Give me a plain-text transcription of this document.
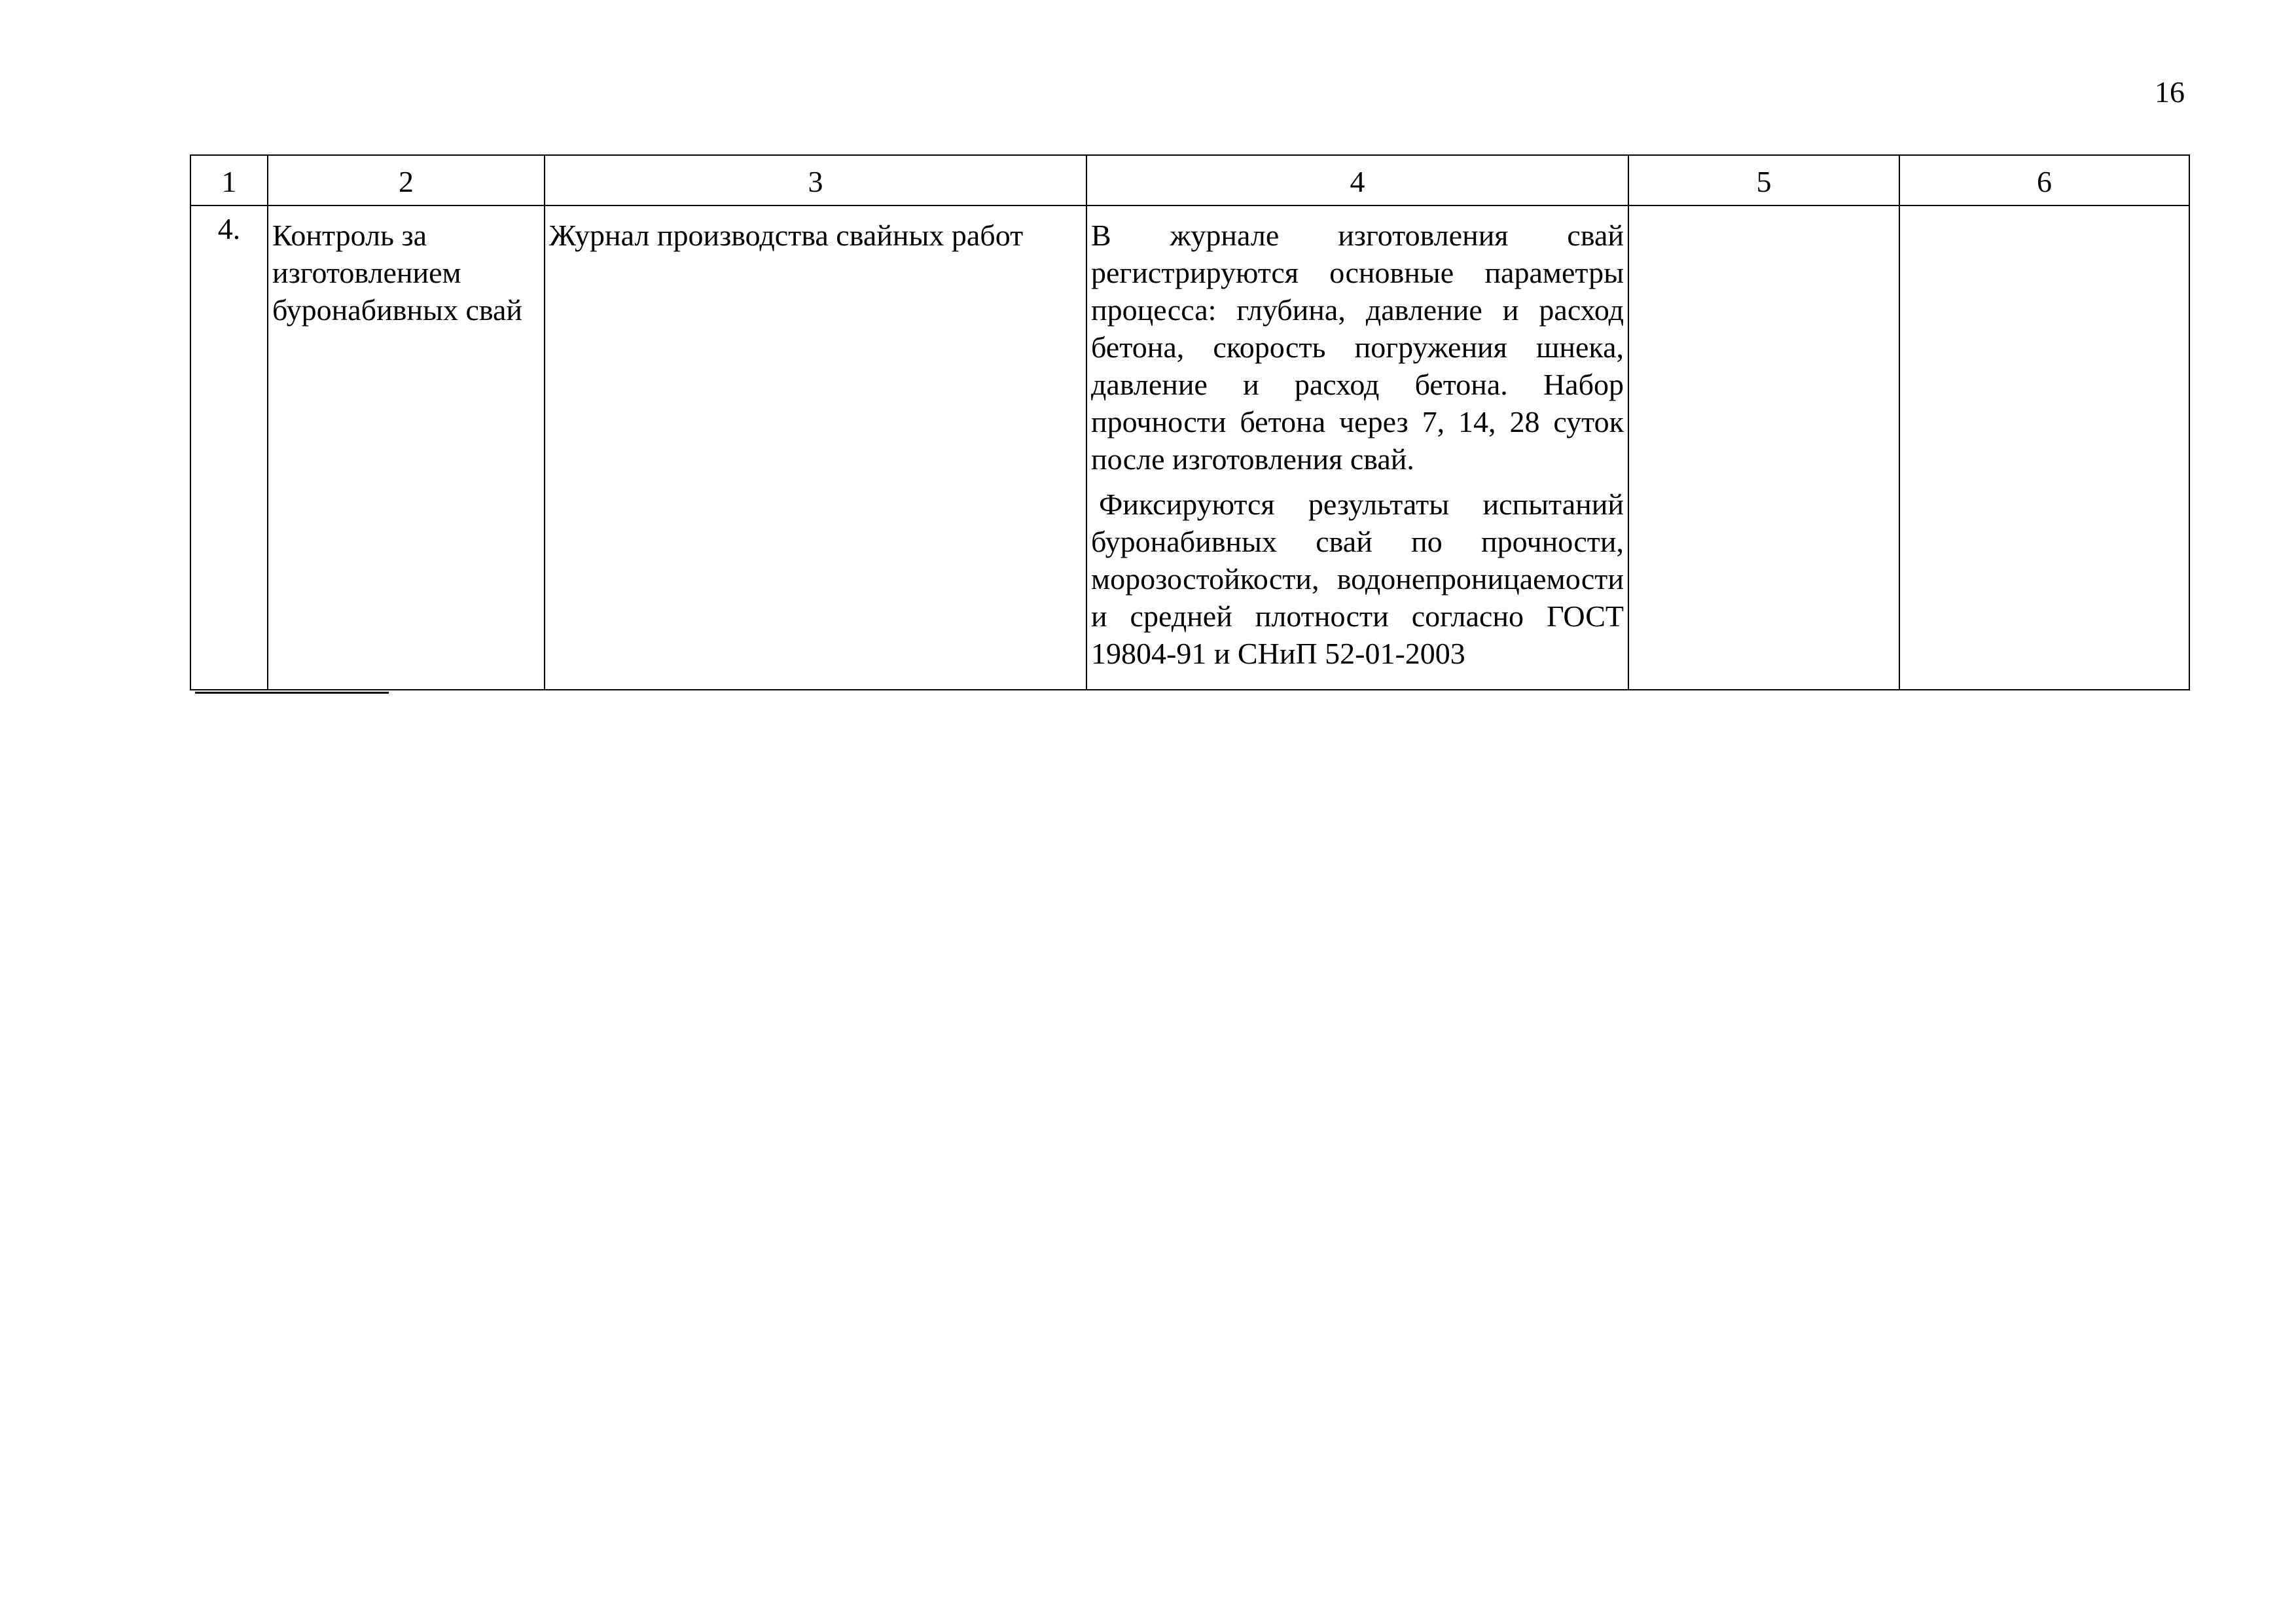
16
1	2	3	4	5	6
4.	Контроль за изготовлением буронабивных свай	Журнал производства свайных работ	В журнале изготовления свай регистрируются основные параметры процесса: глубина, давление и расход бетона, скорость погружения шнека, давление и расход бетона. Набор прочности бетона через 7, 14, 28 суток после изготовления свай.

Фиксируются результаты испытаний буронабивных свай по прочности, морозостойкости, водонепроницаемости и средней плотности согласно ГОСТ 19804-91 и СНиП 52-01-2003		
